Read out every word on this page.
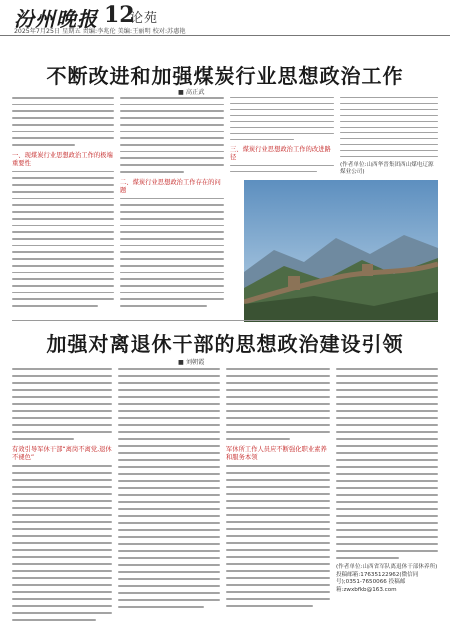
汾州晚报 12
论苑
2025年7月25日 星期五 责编:李兆伦 美编:王丽明 校对:苏惠艳
不断改进和加强煤炭行业思想政治工作
■ 高正武
一、现煤炭行业思想政治工作的极端重要性
二、煤炭行业思想政治工作存在的问题
三、煤炭行业思想政治工作的改进路径
(作者单位:山西华晋集团西山煤电辽源煤业公司)
加强对离退休干部的思想政治建设引领
■ 刘朝霞
有效引导军休干部“离岗不离党,退休不褪色”
军休所工作人员应不断强化职业素养和服务本领
(作者单位:山西省军队离退休干部休养所)
投稿邮箱:17635122962(微信同号);0351-7650066 投稿邮箱:zwxbfkb@163.com
